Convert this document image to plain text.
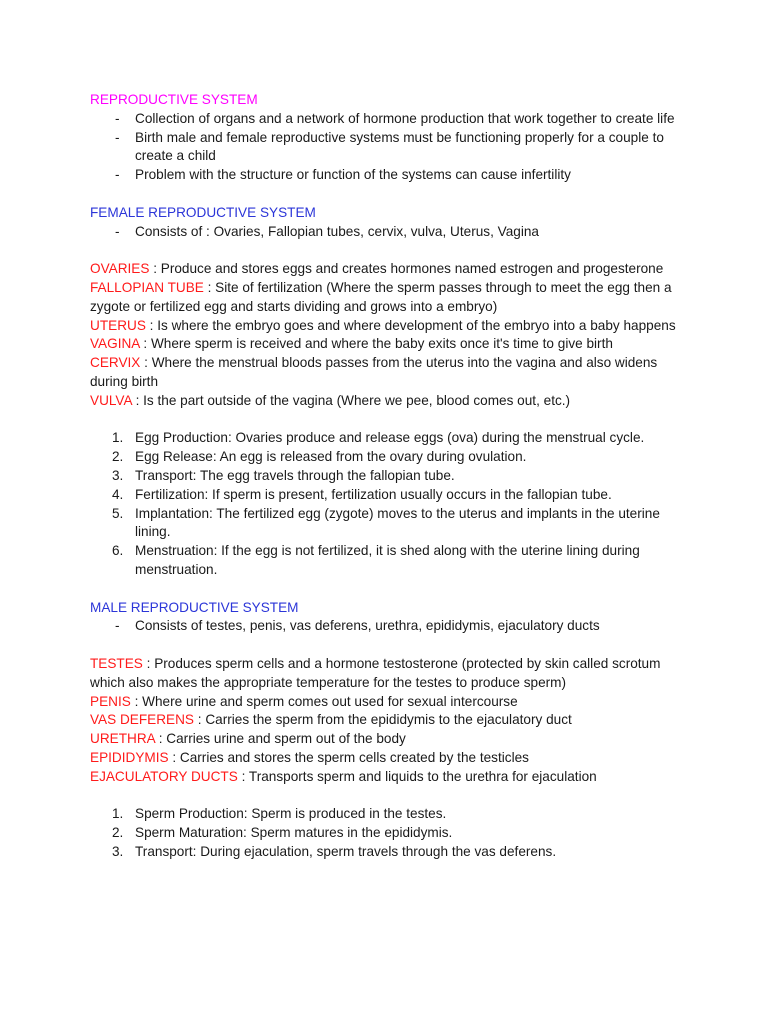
REPRODUCTIVE SYSTEM

- Collection of organs and a network of hormone production that work together to create life
- Birth male and female reproductive systems must be functioning properly for a couple to create a child
- Problem with the structure or function of the systems can cause infertility

FEMALE REPRODUCTIVE SYSTEM

- Consists of : Ovaries, Fallopian tubes, cervix, vulva, Uterus, Vagina

OVARIES : Produce and stores eggs and creates hormones named estrogen and progesterone

FALLOPIAN TUBE : Site of fertilization (Where the sperm passes through to meet the egg then a zygote or fertilized egg and starts dividing and grows into a embryo)

UTERUS : Is where the embryo goes and where development of the embryo into a baby happens

VAGINA : Where sperm is received and where the baby exits once it's time to give birth

CERVIX : Where the menstrual bloods passes from the uterus into the vagina and also widens during birth

VULVA : Is the part outside of the vagina (Where we pee, blood comes out, etc.)

1. Egg Production: Ovaries produce and release eggs (ova) during the menstrual cycle.
2. Egg Release: An egg is released from the ovary during ovulation.
3. Transport: The egg travels through the fallopian tube.
4. Fertilization: If sperm is present, fertilization usually occurs in the fallopian tube.
5. Implantation: The fertilized egg (zygote) moves to the uterus and implants in the uterine lining.
6. Menstruation: If the egg is not fertilized, it is shed along with the uterine lining during menstruation.

MALE REPRODUCTIVE SYSTEM

- Consists of testes, penis, vas deferens, urethra, epididymis, ejaculatory ducts

TESTES : Produces sperm cells and a hormone testosterone (protected by skin called scrotum which also makes the appropriate temperature for the testes to produce sperm)

PENIS : Where urine and sperm comes out used for sexual intercourse

VAS DEFERENS : Carries the sperm from the epididymis to the ejaculatory duct

URETHRA : Carries urine and sperm out of the body

EPIDIDYMIS : Carries and stores the sperm cells created by the testicles

EJACULATORY DUCTS : Transports sperm and liquids to the urethra for ejaculation

1. Sperm Production: Sperm is produced in the testes.
2. Sperm Maturation: Sperm matures in the epididymis.
3. Transport: During ejaculation, sperm travels through the vas deferens.
